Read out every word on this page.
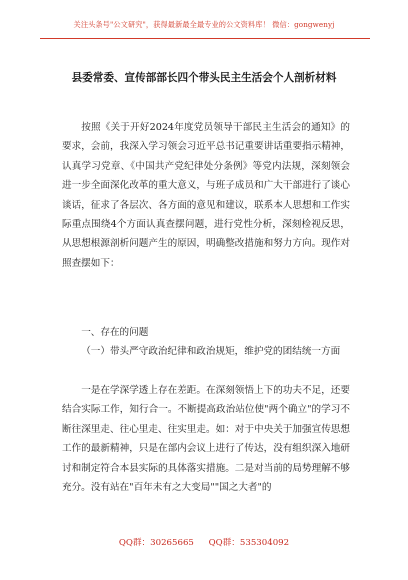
关注头条号"公文研究"，获得最新最全最专业的公文资料库！ 微信：gongwenyj
县委常委、宣传部部长四个带头民主生活会个人剖析材料

按照《关于开好2024年度党员领导干部民主生活会的通知》的要求，会前，我深入学习领会习近平总书记重要讲话重要指示精神，认真学习党章、《中国共产党纪律处分条例》等党内法规，深刻领会进一步全面深化改革的重大意义，与班子成员和广大干部进行了谈心谈话，征求了各层次、各方面的意见和建议，联系本人思想和工作实际重点围绕4个方面认真查摆问题，进行党性分析，深刻检视反思，从思想根源剖析问题产生的原因，明确整改措施和努力方向。现作对照查摆如下：

一、存在的问题

（一）带头严守政治纪律和政治规矩，维护党的团结统一方面

一是在学深学透上存在差距。在深刻领悟上下的功夫不足，还要结合实际工作，知行合一。不断提高政治站位使"两个确立"的学习不断往深里走、往心里走、往实里走。如：对于中央关于加强宣传思想工作的最新精神，只是在部内会议上进行了传达，没有组织深入地研讨和制定符合本县实际的具体落实措施。二是对当前的局势理解不够充分。没有站在"百年未有之大变局""国之大者"的

QQ群：30265665 QQ群：535304092
